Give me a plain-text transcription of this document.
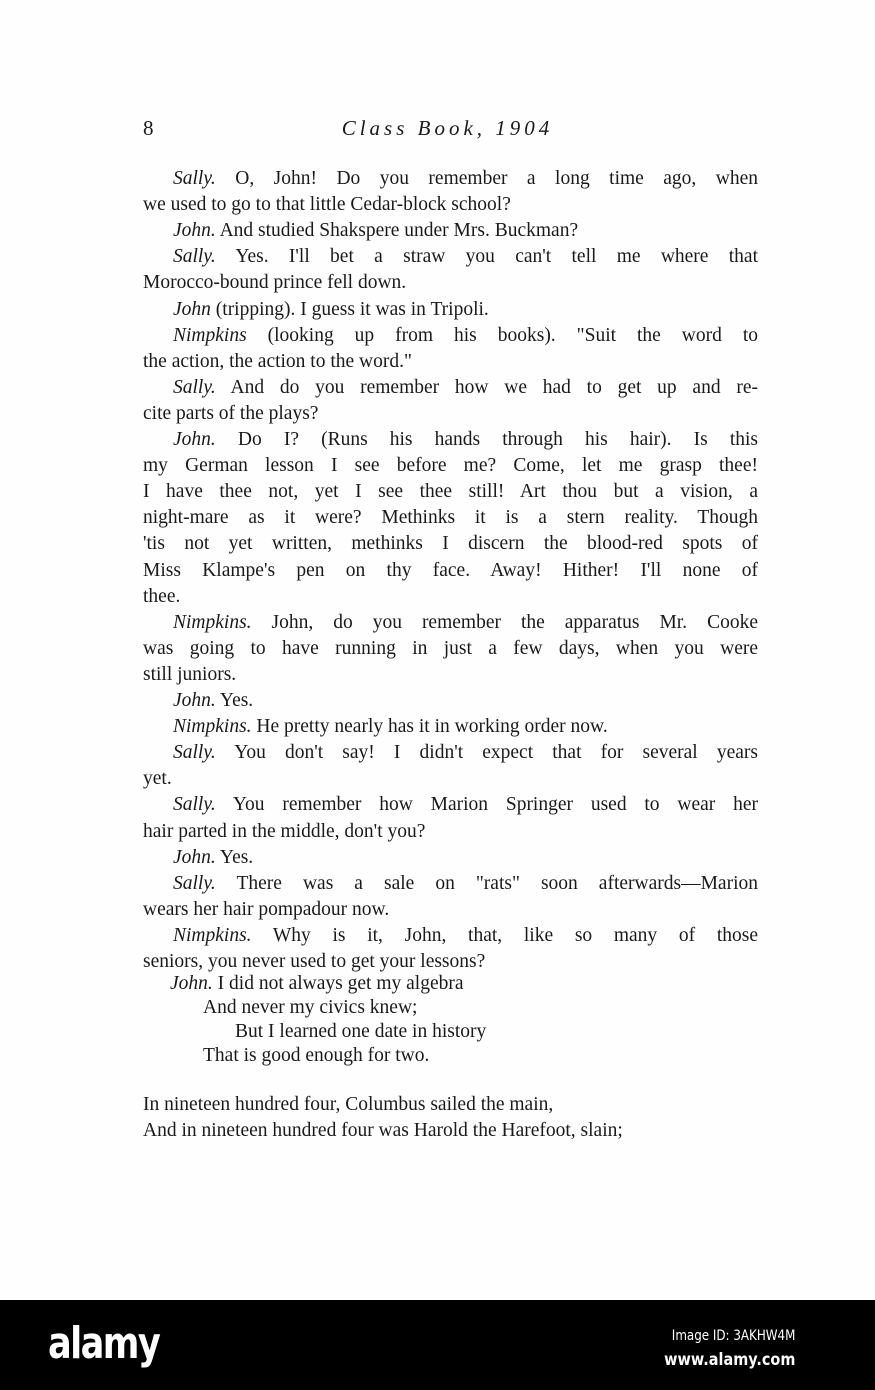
8	Class Book, 1904
Sally. O, John! Do you remember a long time ago, when
we used to go to that little Cedar-block school?
John. And studied Shakspere under Mrs. Buckman?
Sally. Yes. I'll bet a straw you can't tell me where that
Morocco-bound prince fell down.
John (tripping). I guess it was in Tripoli.
Nimpkins (looking up from his books). "Suit the word to
the action, the action to the word."
Sally. And do you remember how we had to get up and re-
cite parts of the plays?
John. Do I? (Runs his hands through his hair). Is this
my German lesson I see before me? Come, let me grasp thee!
I have thee not, yet I see thee still! Art thou but a vision, a
night-mare as it were? Methinks it is a stern reality. Though
'tis not yet written, methinks I discern the blood-red spots of
Miss Klampe's pen on thy face. Away! Hither! I'll none of
thee.
Nimpkins. John, do you remember the apparatus Mr. Cooke
was going to have running in just a few days, when you were
still juniors.
John. Yes.
Nimpkins. He pretty nearly has it in working order now.
Sally. You don't say! I didn't expect that for several years
yet.
Sally. You remember how Marion Springer used to wear her
hair parted in the middle, don't you?
John. Yes.
Sally. There was a sale on "rats" soon afterwards—Marion
wears her hair pompadour now.
Nimpkins. Why is it, John, that, like so many of those
seniors, you never used to get your lessons?
John. I did not always get my algebra
And never my civics knew;
But I learned one date in history
That is good enough for two.
In nineteen hundred four, Columbus sailed the main,
And in nineteen hundred four was Harold the Harefoot, slain;
alamy	Image ID: 3AKHW4M
www.alamy.com
